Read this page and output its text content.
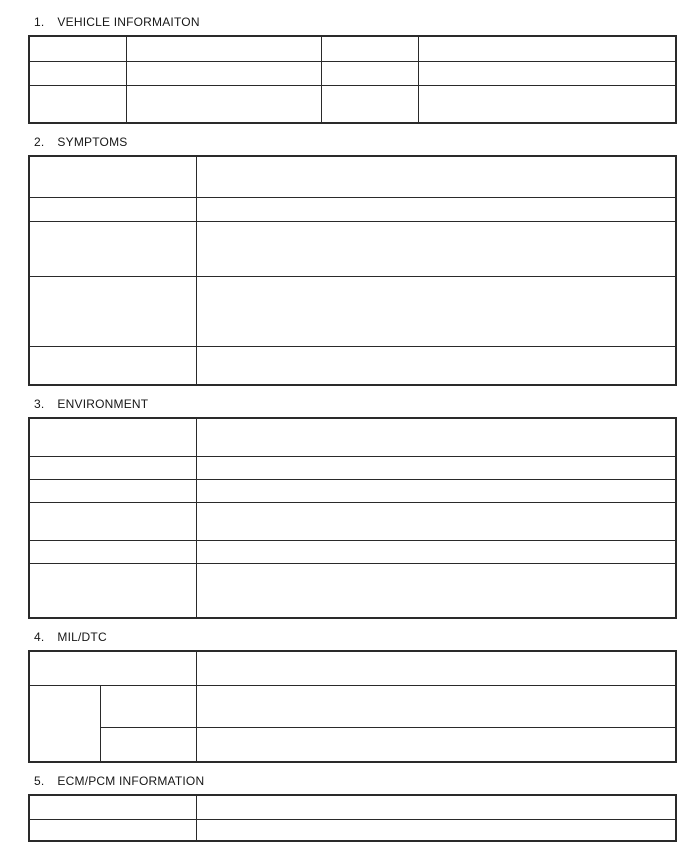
1. VEHICLE INFORMAITON

2. SYMPTOMS

3. ENVIRONMENT

4. MIL/DTC

5. ECM/PCM INFORMATION
